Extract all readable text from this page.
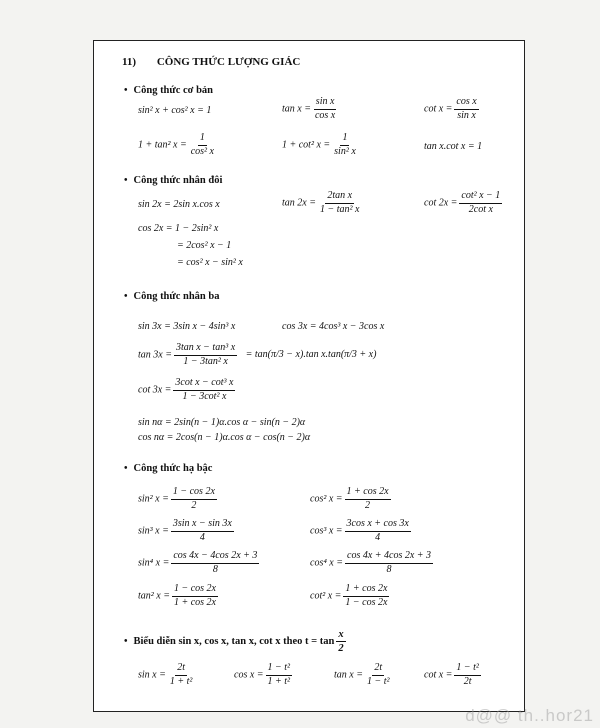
11) CÔNG THỨC LƯỢNG GIÁC
• Công thức cơ bản
sin² x + cos² x = 1	$\tan x = \frac{\text{sin x}}{\text{cos x}}$	$\cot x = \frac{\text{cos x}}{\text{sin x}}$
1 + tan² $x = \frac{1}{\text{cos² x}}$	1 + cot² $x = \frac{1}{\text{sin² x}}$	tan x.cot x = 1
• Công thức nhân đôi
sin 2x = 2sin x.cos x	$\tan 2x = \frac{\text{2tan x}}{\text{1 − tan² x}}$	$\cot 2x = \frac{\text{cot² x − 1}}{\text{2cot x}}$
cos 2x = 1 − 2sin² x
= 2cos² x − 1
= cos² x − sin² x
• Công thức nhân ba
sin 3x = 3sin x − 4sin³ x	cos 3x = 4cos³ x − 3cos x
$\tan 3x = \frac{\text{3tan x − tan³ x}}{\text{1 − 3tan² x}} = \tan(\pi/3 - x).\tan$ x.tan(π/3 + x)
$\cot 3x = \frac{\text{3cot x − cot³ x}}{\text{1 − 3cot² x}}$
sin nα = 2sin(n − 1)α.cos α − sin(n − 2)α
cos nα = 2cos(n − 1)α.cos α − cos(n − 2)α
• Công thức hạ bậc
sin² $x = \frac{1 - \cos 2x}{2}$	cos² $x = \frac{1 + \cos 2x}{2}$
sin³ $x = \frac{\text{3sin x − sin 3x}}{4}$	cos³ $x = \frac{\text{3cos x + cos 3x}}{4}$
sin⁴ $x = \frac{\cos 4x - 4\cos 2x + 3}{8}$	cos⁴ $x = \frac{\cos 4x + 4\cos 2x + 3}{8}$
tan² $x = \frac{1 - \cos 2x}{1 + \cos 2x}$	cot² $x = \frac{1 + \cos 2x}{1 - \cos 2x}$
• Biểu diễn sin x, cos x, tan x, cot x theo $t = \tan \frac{x}{2}$
$\sin x = \frac{2t}{\text{1 + t²}}$	$\cos x = \frac{\text{1 − t²}}{\text{1 + t²}}$	$\tan x = \frac{2t}{\text{1 − t²}}$	$\cot x = \frac{\text{1 − t²}}{2t}$
d@@ th..hor21
